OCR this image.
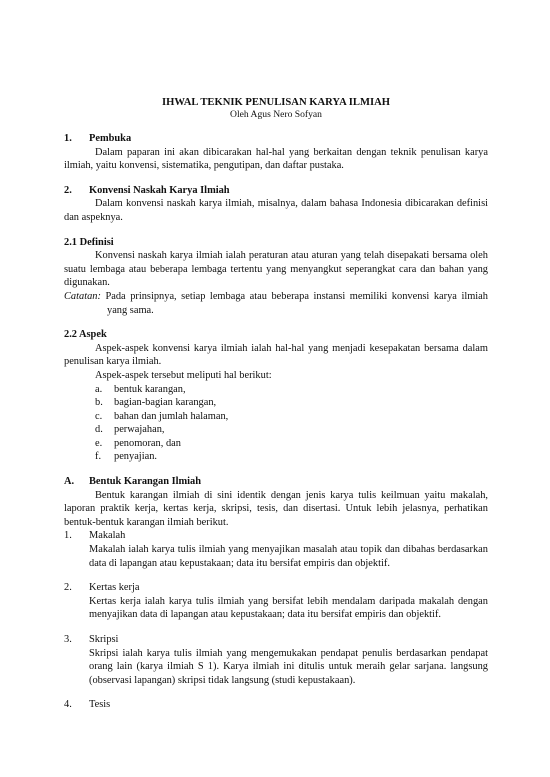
IHWAL TEKNIK PENULISAN KARYA ILMIAH
Oleh Agus Nero Sofyan
1. Pembuka

Dalam paparan ini akan dibicarakan hal-hal yang berkaitan dengan teknik penulisan karya ilmiah, yaitu konvensi, sistematika, pengutipan, dan daftar pustaka.

2. Konvensi Naskah Karya Ilmiah

Dalam konvensi naskah karya ilmiah, misalnya, dalam bahasa Indonesia dibicarakan definisi dan aspeknya.

2.1 Definisi

Konvensi naskah karya ilmiah ialah peraturan atau aturan yang telah disepakati bersama oleh suatu lembaga atau beberapa lembaga tertentu yang menyangkut seperangkat cara dan bahan yang digunakan.

Catatan: Pada prinsipnya, setiap lembaga atau beberapa instansi memiliki konvensi karya ilmiah yang sama.
2.2 Aspek

Aspek-aspek konvensi karya ilmiah ialah hal-hal yang menjadi kesepakatan bersama dalam penulisan karya ilmiah.

Aspek-aspek tersebut meliputi hal berikut:

a.	bentuk karangan,
b.	bagian-bagian karangan,
c.	bahan dan jumlah halaman,
d.	perwajahan,
e.	penomoran, dan
f.	penyajian.
A. Bentuk Karangan Ilmiah

Bentuk karangan ilmiah di sini identik dengan jenis karya tulis keilmuan yaitu makalah, laporan praktik kerja, kertas kerja, skripsi, tesis, dan disertasi. Untuk lebih jelasnya, perhatikan bentuk-bentuk karangan ilmiah berikut.

1.	Makalah
Makalah ialah karya tulis ilmiah yang menyajikan masalah atau topik dan dibahas berdasarkan data di lapangan atau kepustakaan; data itu bersifat empiris dan objektif.
2.	Kertas kerja
Kertas kerja ialah karya tulis ilmiah yang bersifat lebih mendalam daripada makalah dengan menyajikan data di lapangan atau kepustakaan; data itu bersifat empiris dan objektif.
3.	Skripsi
Skripsi ialah karya tulis ilmiah yang mengemukakan pendapat penulis berdasarkan pendapat orang lain (karya ilmiah S 1). Karya ilmiah ini ditulis untuk meraih gelar sarjana. langsung (observasi lapangan) skripsi tidak langsung (studi kepustakaan).
4.	Tesis
